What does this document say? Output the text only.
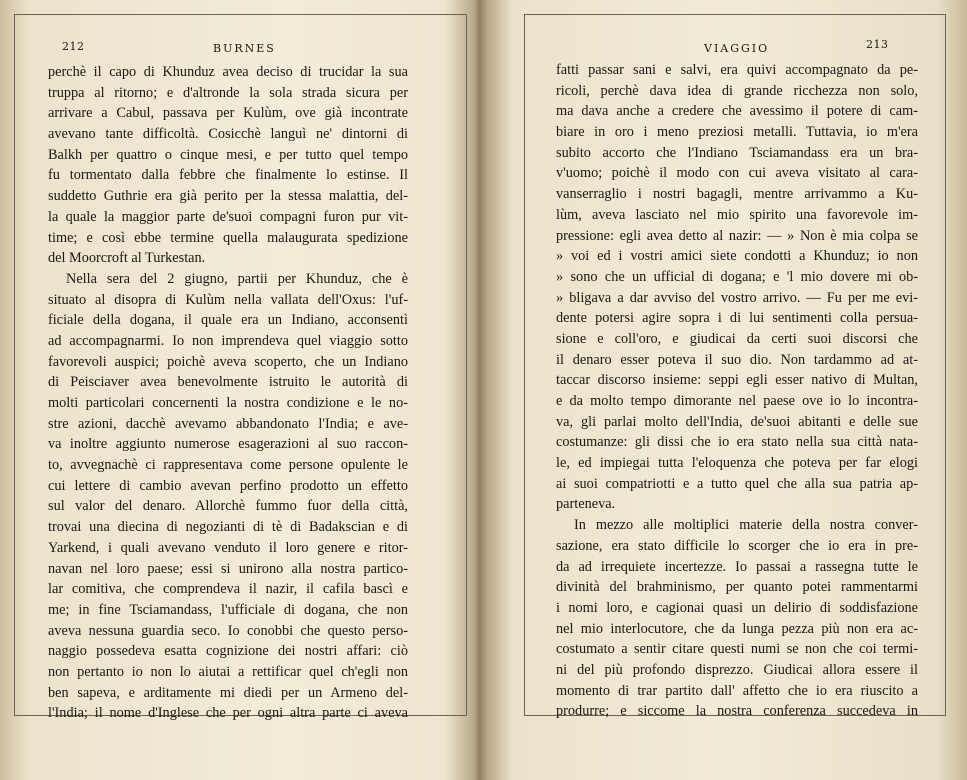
212	BURNES
perchè il capo di Khunduz avea deciso di trucidar la sua
truppa al ritorno; e d'altronde la sola strada sicura per
arrivare a Cabul, passava per Kulùm, ove già incontrate
avevano tante difficoltà. Cosicchè languì ne' dintorni di
Balkh per quattro o cinque mesi, e per tutto quel tempo
fu tormentato dalla febbre che finalmente lo estinse. Il
suddetto Guthrie era già perito per la stessa malattia, del-
la quale la maggior parte de'suoi compagni furon pur vit-
time; e così ebbe termine quella malaugurata spedizione
del Moorcroft al Turkestan.
Nella sera del 2 giugno, partii per Khunduz, che è
situato al disopra di Kulùm nella vallata dell'Oxus: l'uf-
ficiale della dogana, il quale era un Indiano, acconsentì
ad accompagnarmi. Io non imprendeva quel viaggio sotto
favorevoli auspici; poichè aveva scoperto, che un Indiano
di Peisciaver avea benevolmente istruito le autorità di
molti particolari concernenti la nostra condizione e le no-
stre azioni, dacchè avevamo abbandonato l'India; e ave-
va inoltre aggiunto numerose esagerazioni al suo raccon-
to, avvegnachè ci rappresentava come persone opulente le
cui lettere di cambio avevan perfino prodotto un effetto
sul valor del denaro. Allorchè fummo fuor della città,
trovai una diecina di negozianti di tè di Badakscian e di
Yarkend, i quali avevano venduto il loro genere e ritor-
navan nel loro paese; essi si unirono alla nostra partico-
lar comitiva, che comprendeva il nazir, il cafila bascì e
me; in fine Tsciamandass, l'ufficiale di dogana, che non
aveva nessuna guardia seco. Io conobbi che questo perso-
naggio possedeva esatta cognizione dei nostri affari: ciò
non pertanto io non lo aiutai a rettificar quel ch'egli non
ben sapeva, e arditamente mi diedi per un Armeno del-
l'India; il nome d'Inglese che per ogni altra parte ci aveva
VIAGGIO	213
fatti passar sani e salvi, era quivi accompagnato da pe-
ricoli, perchè dava idea di grande ricchezza non solo,
ma dava anche a credere che avessimo il potere di cam-
biare in oro i meno preziosi metalli. Tuttavia, io m'era
subito accorto che l'Indiano Tsciamandass era un bra-
v'uomo; poichè il modo con cui aveva visitato al cara-
vanserraglio i nostri bagagli, mentre arrivammo a Ku-
lùm, aveva lasciato nel mio spirito una favorevole im-
pressione: egli avea detto al nazir: — » Non è mia colpa se
» voi ed i vostri amici siete condotti a Khunduz; io non
» sono che un ufficial di dogana; e 'l mio dovere mi ob-
» bligava a dar avviso del vostro arrivo. — Fu per me evi-
dente potersi agire sopra i di lui sentimenti colla persua-
sione e coll'oro, e giudicai da certi suoi discorsi che
il denaro esser poteva il suo dio. Non tardammo ad at-
taccar discorso insieme: seppi egli esser nativo di Multan,
e da molto tempo dimorante nel paese ove io lo incontra-
va, gli parlai molto dell'India, de'suoi abitanti e delle sue
costumanze: gli dissi che io era stato nella sua città nata-
le, ed impiegai tutta l'eloquenza che poteva per far elogi
ai suoi compatriotti e a tutto quel che alla sua patria ap-
parteneva.
In mezzo alle moltiplici materie della nostra conver-
sazione, era stato difficile lo scorger che io era in pre-
da ad irrequiete incertezze. Io passai a rassegna tutte le
divinità del brahminismo, per quanto potei rammentarmi
i nomi loro, e cagionai quasi un delirio di soddisfazione
nel mio interlocutore, che da lunga pezza più non era ac-
costumato a sentir citare questi numi se non che coi termi-
ni del più profondo disprezzo. Giudicai allora essere il
momento di trar partito dall' affetto che io era riuscito a
produrre; e siccome la nostra conferenza succedeva in
